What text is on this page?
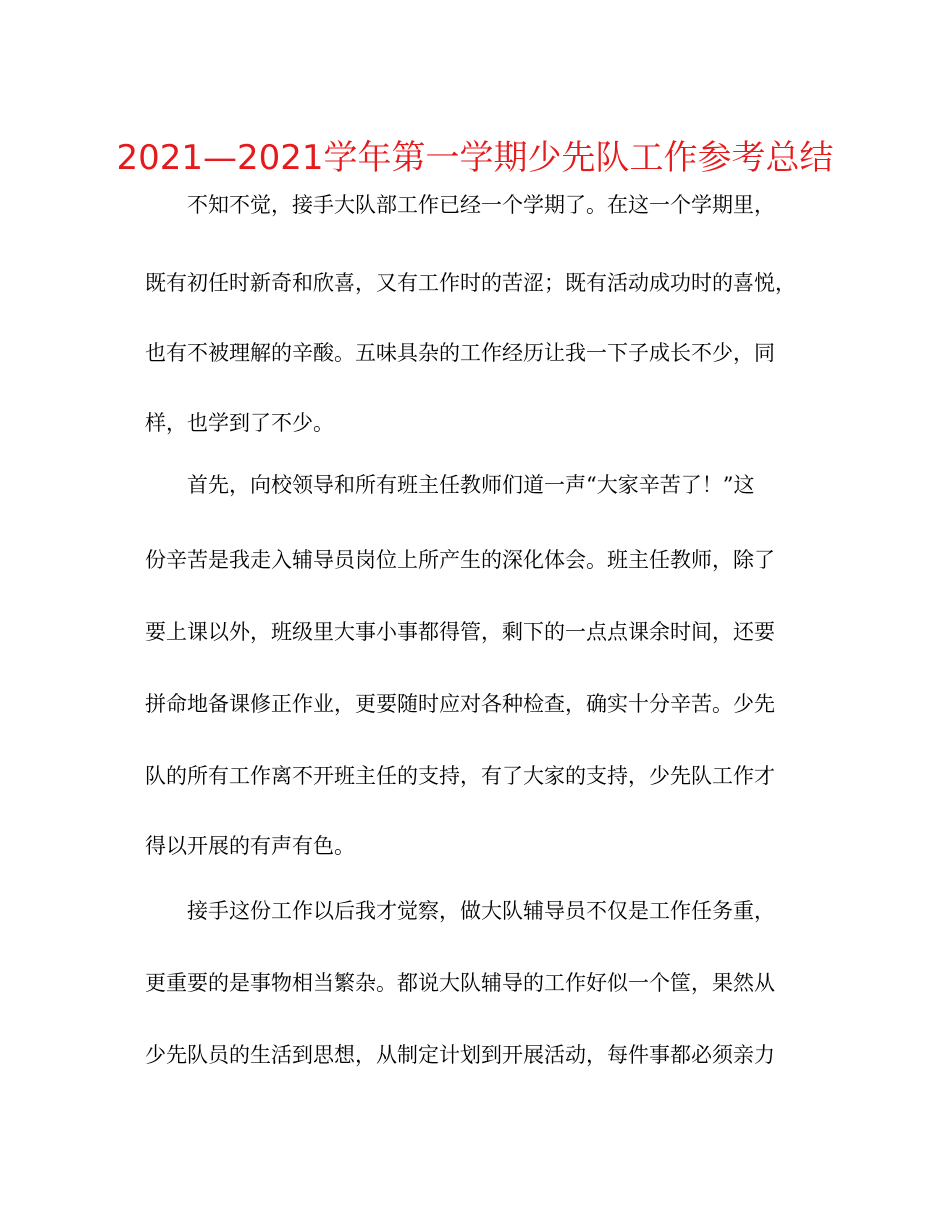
2021—2021学年第一学期少先队工作参考总结
不知不觉，接手大队部工作已经一个学期了。在这一个学期里，
既有初任时新奇和欣喜，又有工作时的苦涩；既有活动成功时的喜悦，
也有不被理解的辛酸。五味具杂的工作经历让我一下子成长不少，同
样，也学到了不少。
首先，向校领导和所有班主任教师们道一声“大家辛苦了！”这
份辛苦是我走入辅导员岗位上所产生的深化体会。班主任教师，除了
要上课以外，班级里大事小事都得管，剩下的一点点课余时间，还要
拼命地备课修正作业，更要随时应对各种检查，确实十分辛苦。少先
队的所有工作离不开班主任的支持，有了大家的支持，少先队工作才
得以开展的有声有色。
接手这份工作以后我才觉察，做大队辅导员不仅是工作任务重，
更重要的是事物相当繁杂。都说大队辅导的工作好似一个筐，果然从
少先队员的生活到思想，从制定计划到开展活动，每件事都必须亲力
